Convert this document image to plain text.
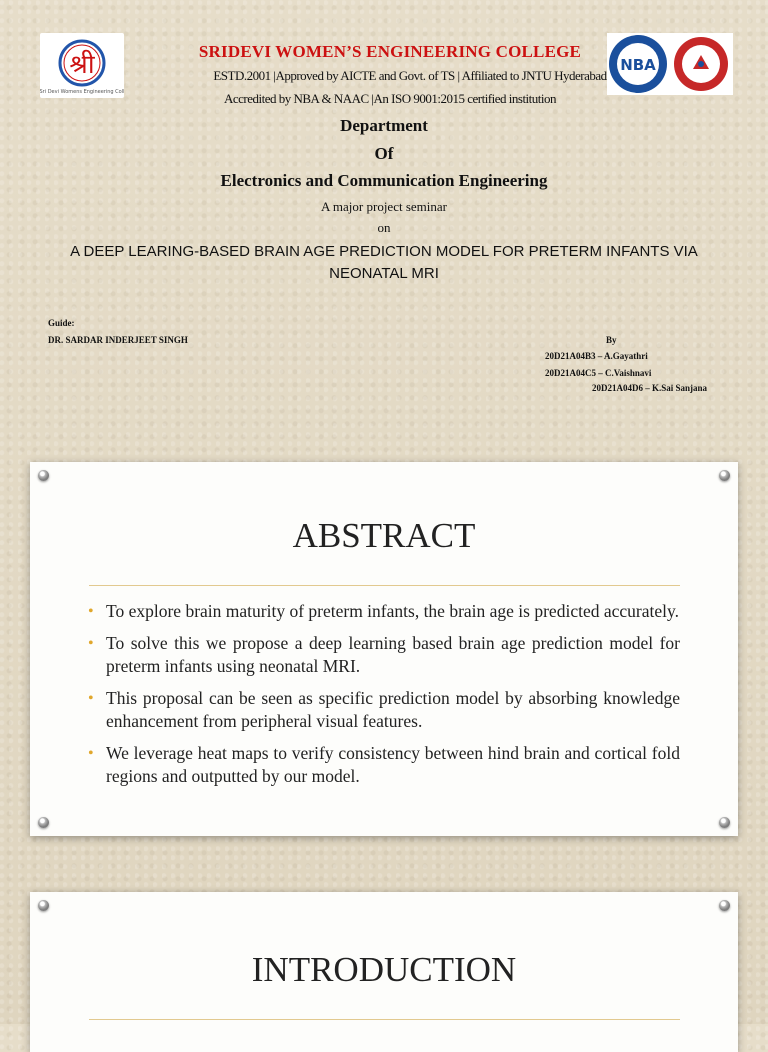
श्री
Sri Devi Womens Engineering Coll
NBA
SRIDEVI WOMEN’S ENGINEERING COLLEGE
ESTD.2001 |Approved by AICTE and Govt. of TS | Affiliated to JNTU Hyderabad
Accredited by NBA & NAAC |An ISO 9001:2015 certified institution
Department
Of
Electronics and Communication Engineering
A major project seminar
on
A DEEP LEARING-BASED BRAIN AGE PREDICTION MODEL FOR PRETERM INFANTS VIA NEONATAL MRI
Guide:
DR. SARDAR INDERJEET SINGH	By
20D21A04B3 – A.Gayathri
20D21A04C5 – C.Vaishnavi
20D21A04D6 – K.Sai Sanjana
ABSTRACT
• To explore brain maturity of preterm infants, the brain age is predicted accurately.
• To solve this we propose a deep learning based brain age prediction model for preterm infants using neonatal MRI.
• This proposal can be seen as specific prediction model by absorbing knowledge enhancement from peripheral visual features.
• We leverage heat maps to verify consistency between hind brain and cortical fold regions and outputted by our model.
INTRODUCTION
